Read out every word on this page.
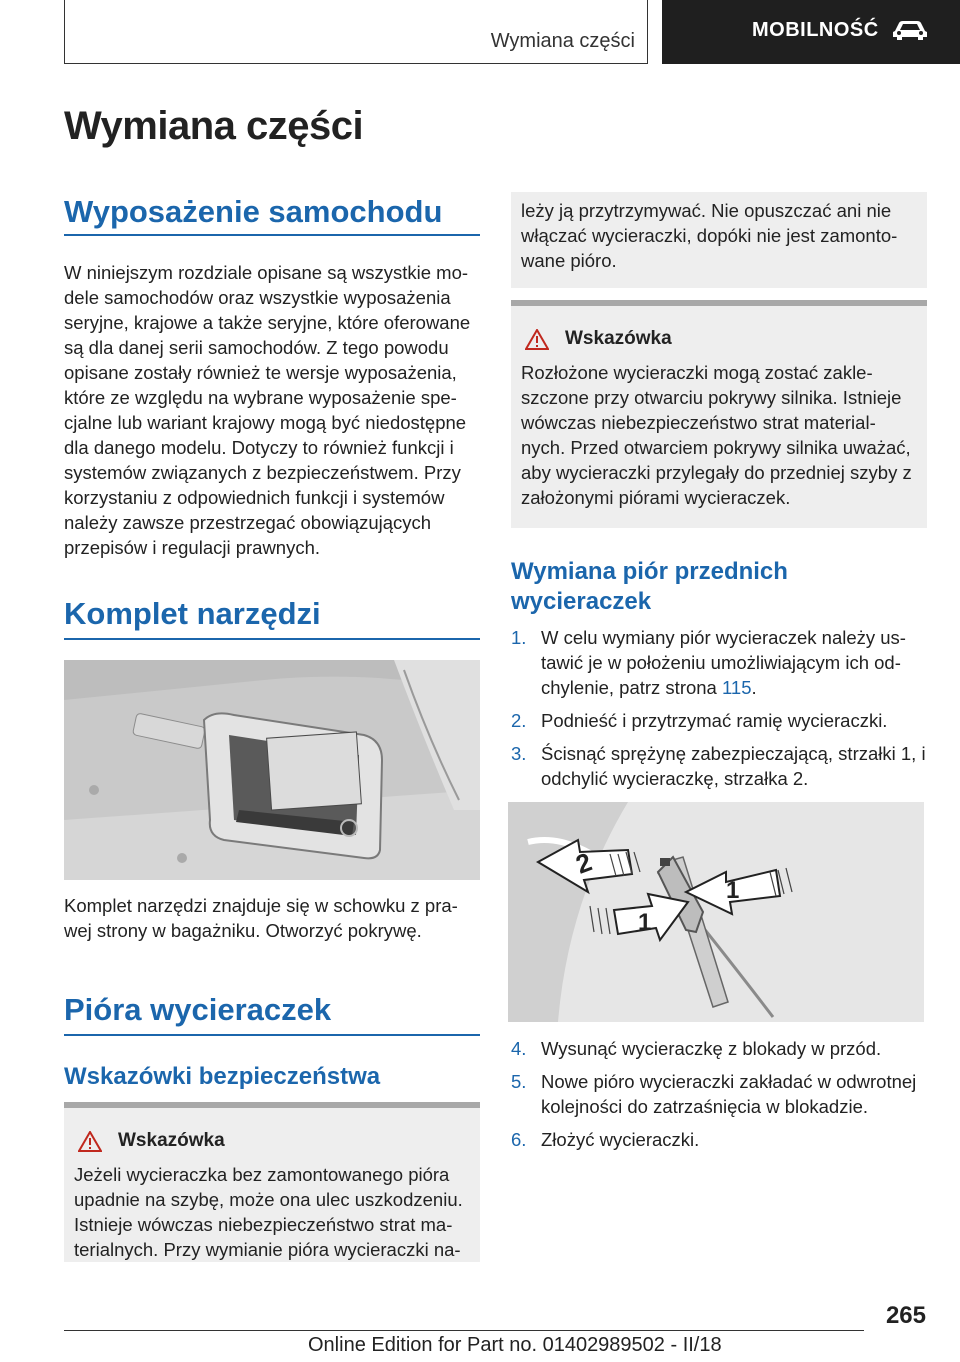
Wymiana części
MOBILNOŚĆ
Wymiana części
Wyposażenie samochodu
W niniejszym rozdziale opisane są wszystkie mo-dele samochodów oraz wszystkie wyposażenia seryjne, krajowe a także seryjne, które oferowane są dla danej serii samochodów. Z tego powodu opisane zostały również te wersje wyposażenia, które ze względu na wybrane wyposażenie spe-cjalne lub wariant krajowy mogą być niedostępne dla danego modelu. Dotyczy to również funkcji i systemów związanych z bezpieczeństwem. Przy korzystaniu z odpowiednich funkcji i systemów należy zawsze przestrzegać obowiązujących przepisów i regulacji prawnych.
Komplet narzędzi
Komplet narzędzi znajduje się w schowku z pra-wej strony w bagażniku. Otworzyć pokrywę.
Pióra wycieraczek
Wskazówki bezpieczeństwa
Wskazówka
Jeżeli wycieraczka bez zamontowanego pióra upadnie na szybę, może ona ulec uszkodzeniu. Istnieje wówczas niebezpieczeństwo strat ma-terialnych. Przy wymianie pióra wycieraczki na-
leży ją przytrzymywać. Nie opuszczać ani nie włączać wycieraczki, dopóki nie jest zamonto-wane pióro.
Wskazówka
Rozłożone wycieraczki mogą zostać zakle-szczone przy otwarciu pokrywy silnika. Istnieje wówczas niebezpieczeństwo strat material-nych. Przed otwarciem pokrywy silnika uważać, aby wycieraczki przylegały do przedniej szyby z założonymi piórami wycieraczek.
Wymiana piór przednich wycieraczek
1. W celu wymiany piór wycieraczek należy us-tawić je w położeniu umożliwiającym ich od-chylenie, patrz strona 115.
2. Podnieść i przytrzymać ramię wycieraczki.
3. Ścisnąć sprężynę zabezpieczającą, strzałki 1, i odchylić wycieraczkę, strzałka 2.
2
1
1
4. Wysunąć wycieraczkę z blokady w przód.
5. Nowe pióro wycieraczki zakładać w odwrotnej kolejności do zatrzaśnięcia w blokadzie.
6. Złożyć wycieraczki.
265
Online Edition for Part no. 01402989502 - II/18
